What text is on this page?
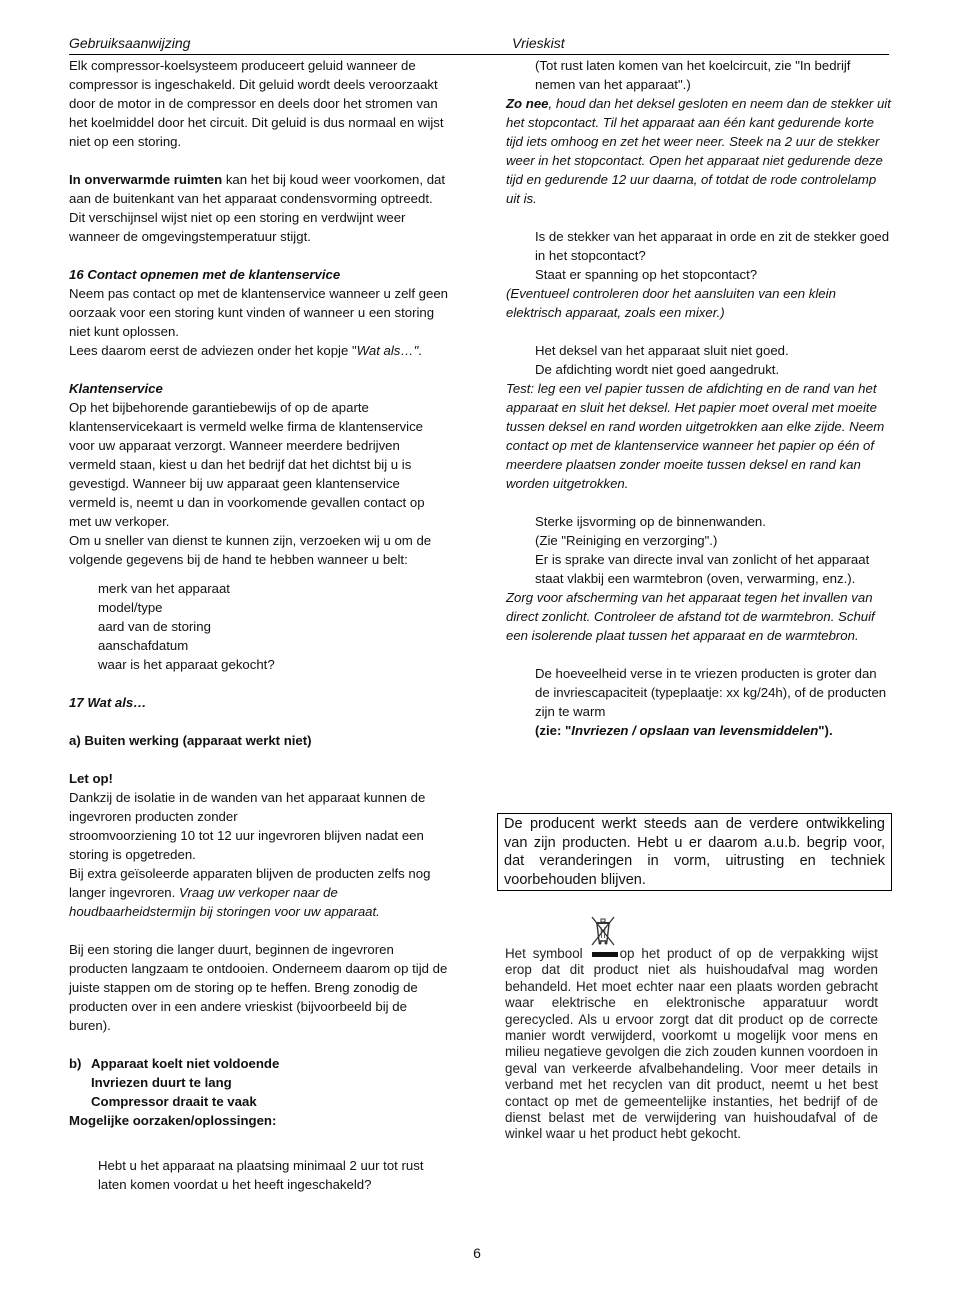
Gebruiksaanwijzing	Vrieskist

Elk compressor-koelsysteem produceert geluid wanneer de compressor is ingeschakeld. Dit geluid wordt deels veroorzaakt door de motor in de compressor en deels door het stromen van het koelmiddel door het circuit. Dit geluid is dus normaal en wijst niet op een storing.

In onverwarmde ruimten kan het bij koud weer voorkomen, dat aan de buitenkant van het apparaat condensvorming optreedt. Dit verschijnsel wijst niet op een storing en verdwijnt weer wanneer de omgevingstemperatuur stijgt.

16 Contact opnemen met de klantenservice

Neem pas contact op met de klantenservice wanneer u zelf geen oorzaak voor een storing kunt vinden of wanneer u een storing niet kunt oplossen.

Lees daarom eerst de adviezen onder het kopje "Wat als…".

Klantenservice

Op het bijbehorende garantiebewijs of op de aparte klantenservicekaart is vermeld welke firma de klantenservice voor uw apparaat verzorgt. Wanneer meerdere bedrijven vermeld staan, kiest u dan het bedrijf dat het dichtst bij u is gevestigd. Wanneer bij uw apparaat geen klantenservice vermeld is, neemt u dan in voorkomende gevallen contact op met uw verkoper.

Om u sneller van dienst te kunnen zijn, verzoeken wij u om de volgende gegevens bij de hand te hebben wanneer u belt:

merk van het apparaat

model/type

aard van de storing

aanschafdatum

waar is het apparaat gekocht?

17 Wat als…

a) Buiten werking (apparaat werkt niet)

Let op!

Dankzij de isolatie in de wanden van het apparaat kunnen de ingevroren producten zonder

stroomvoorziening 10 tot 12 uur ingevroren blijven nadat een storing is opgetreden.

Bij extra geïsoleerde apparaten blijven de producten zelfs nog langer ingevroren. Vraag uw verkoper naar de houdbaarheidstermijn bij storingen voor uw apparaat.

Bij een storing die langer duurt, beginnen de ingevroren producten langzaam te ontdooien. Onderneem daarom op tijd de juiste stappen om de storing op te heffen. Breng zonodig de producten over in een andere vrieskist (bijvoorbeeld bij de buren).

b) Apparaat koelt niet voldoende

Invriezen duurt te lang

Compressor draait te vaak

Mogelijke oorzaken/oplossingen:

Hebt u het apparaat na plaatsing minimaal 2 uur tot rust laten komen voordat u het heeft ingeschakeld?

(Tot rust laten komen van het koelcircuit, zie "In bedrijf nemen van het apparaat".)

Zo nee, houd dan het deksel gesloten en neem dan de stekker uit het stopcontact. Til het apparaat aan één kant gedurende korte tijd iets omhoog en zet het weer neer. Steek na 2 uur de stekker weer in het stopcontact. Open het apparaat niet gedurende deze tijd en gedurende 12 uur daarna, of totdat de rode controlelamp uit is.

Is de stekker van het apparaat in orde en zit de stekker goed in het stopcontact?

Staat er spanning op het stopcontact?

(Eventueel controleren door het aansluiten van een klein elektrisch apparaat, zoals een mixer.)

Het deksel van het apparaat sluit niet goed.

De afdichting wordt niet goed aangedrukt.

Test: leg een vel papier tussen de afdichting en de rand van het apparaat en sluit het deksel. Het papier moet overal met moeite tussen deksel en rand worden uitgetrokken aan elke zijde. Neem contact op met de klantenservice wanneer het papier op één of meerdere plaatsen zonder moeite tussen deksel en rand kan worden uitgetrokken.

Sterke ijsvorming op de binnenwanden.

(Zie "Reiniging en verzorging".)

Er is sprake van directe inval van zonlicht of het apparaat staat vlakbij een warmtebron (oven, verwarming, enz.).

Zorg voor afscherming van het apparaat tegen het invallen van direct zonlicht. Controleer de afstand tot de warmtebron. Schuif een isolerende plaat tussen het apparaat en de warmtebron.

De hoeveelheid verse in te vriezen producten is groter dan de invriescapaciteit (typeplaatje: xx kg/24h), of de producten zijn te warm
(zie: "Invriezen / opslaan van levensmiddelen").

De producent werkt steeds aan de verdere ontwikkeling van zijn producten. Hebt u er daarom a.u.b. begrip voor, dat veranderingen in vorm, uitrusting en techniek voorbehouden blijven.
Het symbool	op het product of op de verpakking wijst erop dat dit product niet als huishoudafval mag worden behandeld. Het moet echter naar een plaats worden gebracht waar elektrische en elektronische apparatuur wordt gerecycled. Als u ervoor zorgt dat dit product op de correcte manier wordt verwijderd, voorkomt u mogelijk voor mens en milieu negatieve gevolgen die zich zouden kunnen voordoen in geval van verkeerde afvalbehandeling. Voor meer details in verband met het recyclen van dit product, neemt u het best contact op met de gemeentelijke instanties, het bedrijf of de dienst belast met de verwijdering van huishoudafval of de winkel waar u het product hebt gekocht.
6
